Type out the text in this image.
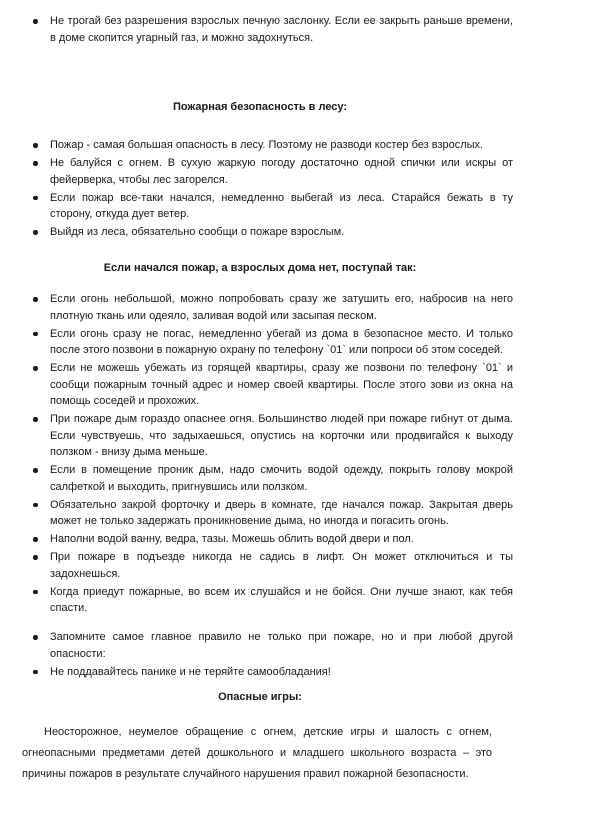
Не трогай без разрешения взрослых печную заслонку. Если ее закрыть раньше времени, в доме скопится угарный газ, и можно задохнуться.
Пожарная безопасность в лесу:
Пожар - самая большая опасность в лесу. Поэтому не разводи костер без взрослых.
Не балуйся с огнем. В сухую жаркую погоду достаточно одной спички или искры от фейерверка, чтобы лес загорелся.
Если пожар все-таки начался, немедленно выбегай из леса. Старайся бежать в ту сторону, откуда дует ветер.
Выйдя из леса, обязательно сообщи о пожаре взрослым.
Если начался пожар, а взрослых дома нет, поступай так:
Если огонь небольшой, можно попробовать сразу же затушить его, набросив на него плотную ткань или одеяло, заливая водой или засыпая песком.
Если огонь сразу не погас, немедленно убегай из дома в безопасное место. И только после этого позвони в пожарную охрану по телефону `01` или попроси об этом соседей.
Если не можешь убежать из горящей квартиры, сразу же позвони по телефону `01` и сообщи пожарным точный адрес и номер своей квартиры. После этого зови из окна на помощь соседей и прохожих.
При пожаре дым гораздо опаснее огня. Большинство людей при пожаре гибнут от дыма. Если чувствуешь, что задыхаешься, опустись на корточки или продвигайся к выходу ползком - внизу дыма меньше.
Если в помещение проник дым, надо смочить водой одежду, покрыть голову мокрой салфеткой и выходить, пригнувшись или ползком.
Обязательно закрой форточку и дверь в комнате, где начался пожар. Закрытая дверь может не только задержать проникновение дыма, но иногда и погасить огонь.
Наполни водой ванну, ведра, тазы. Можешь облить водой двери и пол.
При пожаре в подъезде никогда не садись в лифт. Он может отключиться и ты задохнешься.
Когда приедут пожарные, во всем их слушайся и не бойся. Они лучше знают, как тебя спасти.
Запомните самое главное правило не только при пожаре, но и при любой другой опасности:
Не поддавайтесь панике и не теряйте самообладания!
Опасные игры:
Неосторожное, неумелое обращение с огнем, детские игры и шалость с огнем, огнеопасными предметами детей дошкольного и младшего школьного возраста – это причины пожаров в результате случайного нарушения правил пожарной безопасности.
